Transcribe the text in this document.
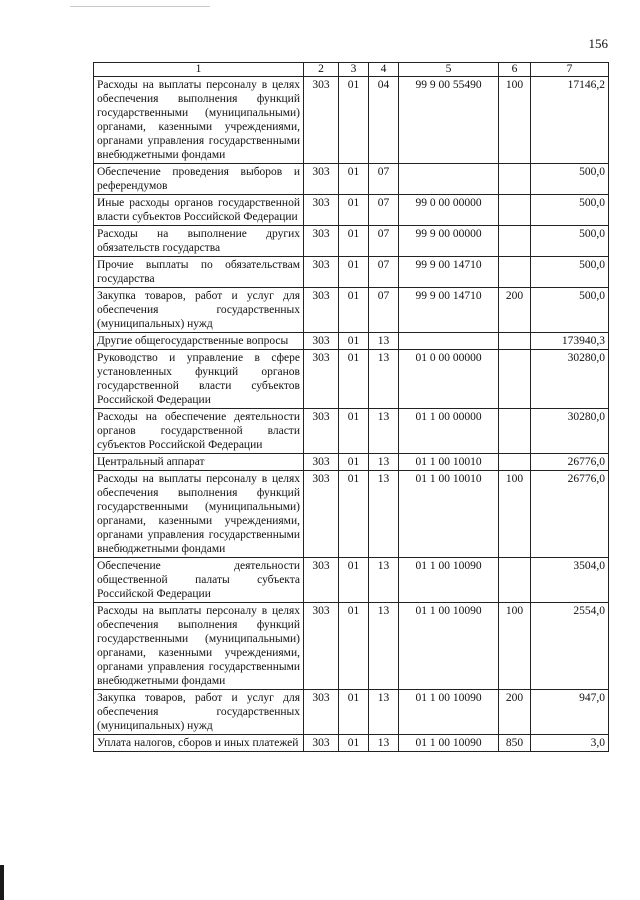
156
1	2	3	4	5	6	7
Расходы на выплаты персоналу в целях обеспечения выполнения функций государственными (муниципальными) органами, казенными учреждениями, органами управления государственными внебюджетными фондами	303	01	04	99 9 00 55490	100	17146,2
Обеспечение проведения выборов и референдумов	303	01	07			500,0
Иные расходы органов государственной власти субъектов Российской Федерации	303	01	07	99 0 00 00000		500,0
Расходы на выполнение других обязательств государства	303	01	07	99 9 00 00000		500,0
Прочие выплаты по обязательствам государства	303	01	07	99 9 00 14710		500,0
Закупка товаров, работ и услуг для обеспечения государственных (муниципальных) нужд	303	01	07	99 9 00 14710	200	500,0
Другие общегосударственные вопросы	303	01	13			173940,3
Руководство и управление в сфере установленных функций органов государственной власти субъектов Российской Федерации	303	01	13	01 0 00 00000		30280,0
Расходы на обеспечение деятельности органов государственной власти субъектов Российской Федерации	303	01	13	01 1 00 00000		30280,0
Центральный аппарат	303	01	13	01 1 00 10010		26776,0
Расходы на выплаты персоналу в целях обеспечения выполнения функций государственными (муниципальными) органами, казенными учреждениями, органами управления государственными внебюджетными фондами	303	01	13	01 1 00 10010	100	26776,0
Обеспечение деятельности общественной палаты субъекта Российской Федерации	303	01	13	01 1 00 10090		3504,0
Расходы на выплаты персоналу в целях обеспечения выполнения функций государственными (муниципальными) органами, казенными учреждениями, органами управления государственными внебюджетными фондами	303	01	13	01 1 00 10090	100	2554,0
Закупка товаров, работ и услуг для обеспечения государственных (муниципальных) нужд	303	01	13	01 1 00 10090	200	947,0
Уплата налогов, сборов и иных платежей	303	01	13	01 1 00 10090	850	3,0
